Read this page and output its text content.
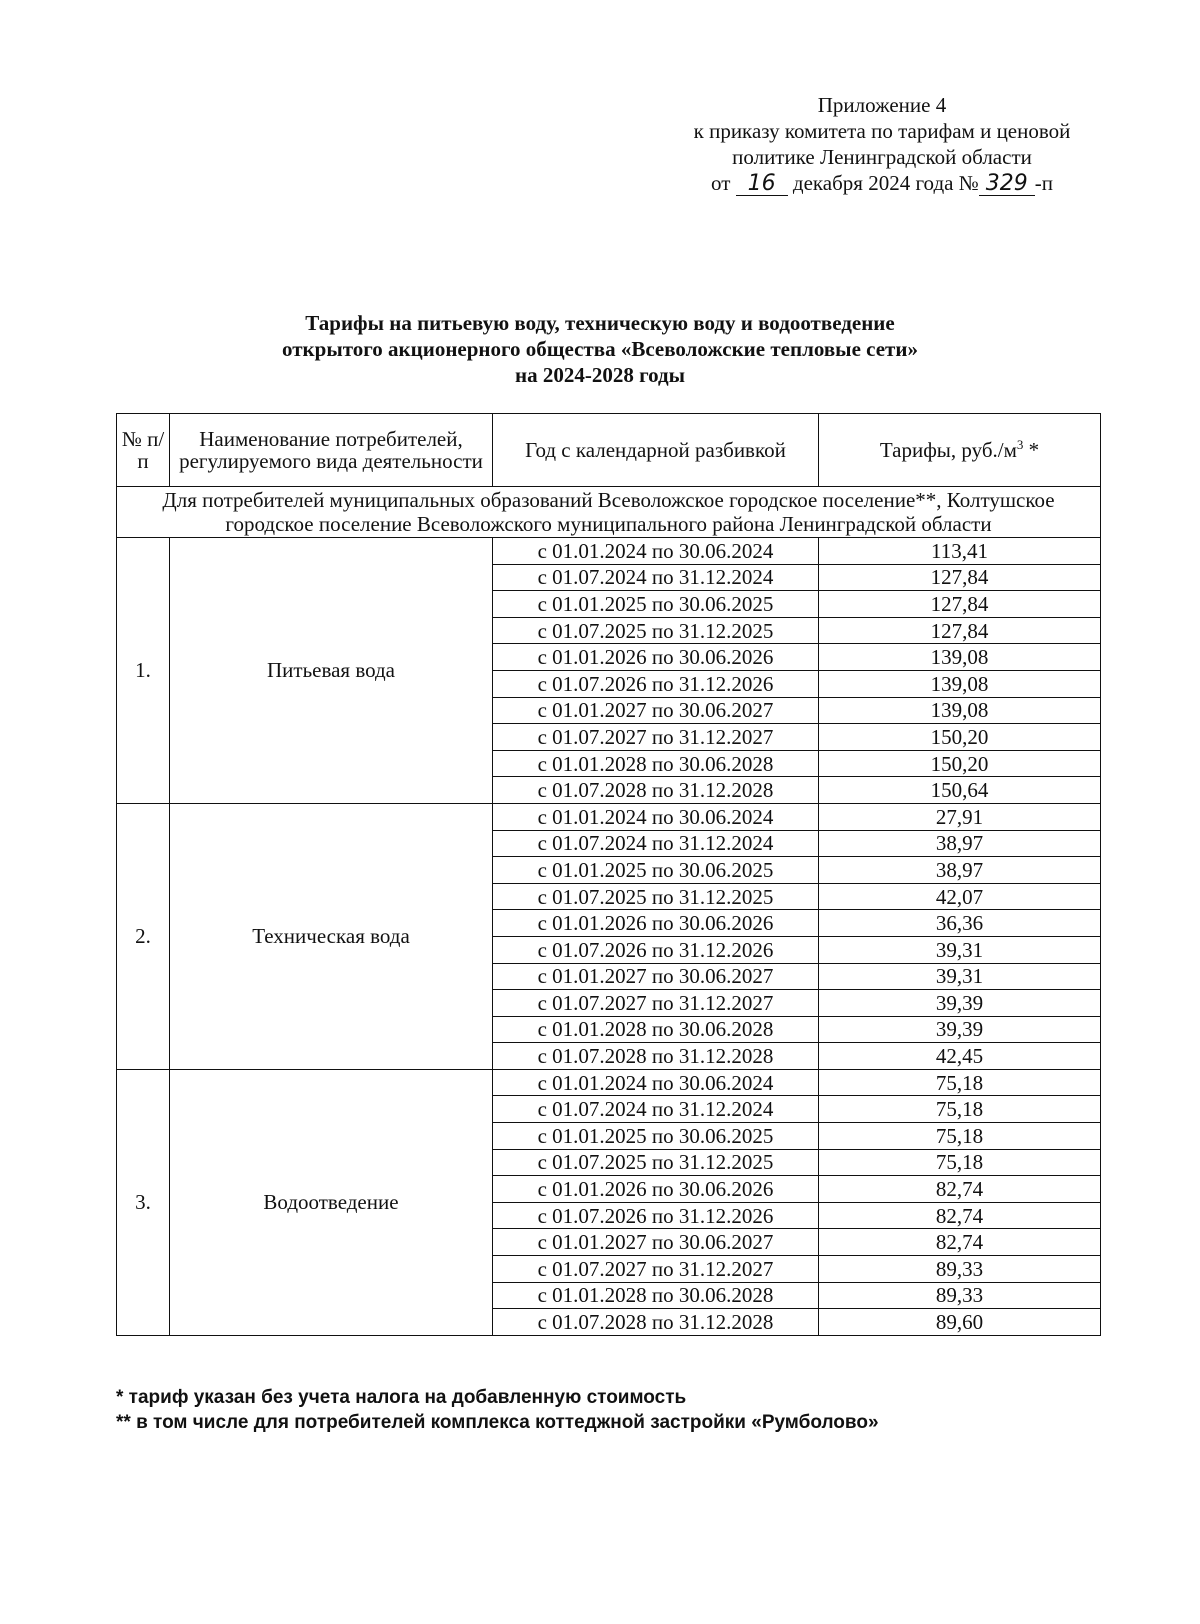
Приложение 4
к приказу комитета по тарифам и ценовой
политике Ленинградской области
от 16 декабря 2024 года № 329 -п
Тарифы на питьевую воду, техническую воду и водоотведение
открытого акционерного общества «Всеволожские тепловые сети»
на 2024-2028 годы
№ п/п	Наименование потребителей, регулируемого вида деятельности	Год с календарной разбивкой	Тарифы, $руб./м^3$ *
Для потребителей муниципальных образований Всеволожское городское поселение**, Колтушское городское поселение Всеволожского муниципального района Ленинградской области			
1.	Питьевая вода	с 01.01.2024 по 30.06.2024	113,41
		с 01.07.2024 по 31.12.2024	127,84
		с 01.01.2025 по 30.06.2025	127,84
		с 01.07.2025 по 31.12.2025	127,84
		с 01.01.2026 по 30.06.2026	139,08
		с 01.07.2026 по 31.12.2026	139,08
		с 01.01.2027 по 30.06.2027	139,08
		с 01.07.2027 по 31.12.2027	150,20
		с 01.01.2028 по 30.06.2028	150,20
		с 01.07.2028 по 31.12.2028	150,64
2.	Техническая вода	с 01.01.2024 по 30.06.2024	27,91
		с 01.07.2024 по 31.12.2024	38,97
		с 01.01.2025 по 30.06.2025	38,97
		с 01.07.2025 по 31.12.2025	42,07
		с 01.01.2026 по 30.06.2026	36,36
		с 01.07.2026 по 31.12.2026	39,31
		с 01.01.2027 по 30.06.2027	39,31
		с 01.07.2027 по 31.12.2027	39,39
		с 01.01.2028 по 30.06.2028	39,39
		с 01.07.2028 по 31.12.2028	42,45
3.	Водоотведение	с 01.01.2024 по 30.06.2024	75,18
		с 01.07.2024 по 31.12.2024	75,18
		с 01.01.2025 по 30.06.2025	75,18
		с 01.07.2025 по 31.12.2025	75,18
		с 01.01.2026 по 30.06.2026	82,74
		с 01.07.2026 по 31.12.2026	82,74
		с 01.01.2027 по 30.06.2027	82,74
		с 01.07.2027 по 31.12.2027	89,33
		с 01.01.2028 по 30.06.2028	89,33
		с 01.07.2028 по 31.12.2028	89,60
* тариф указан без учета налога на добавленную стоимость
** в том числе для потребителей комплекса коттеджной застройки «Румболово»
